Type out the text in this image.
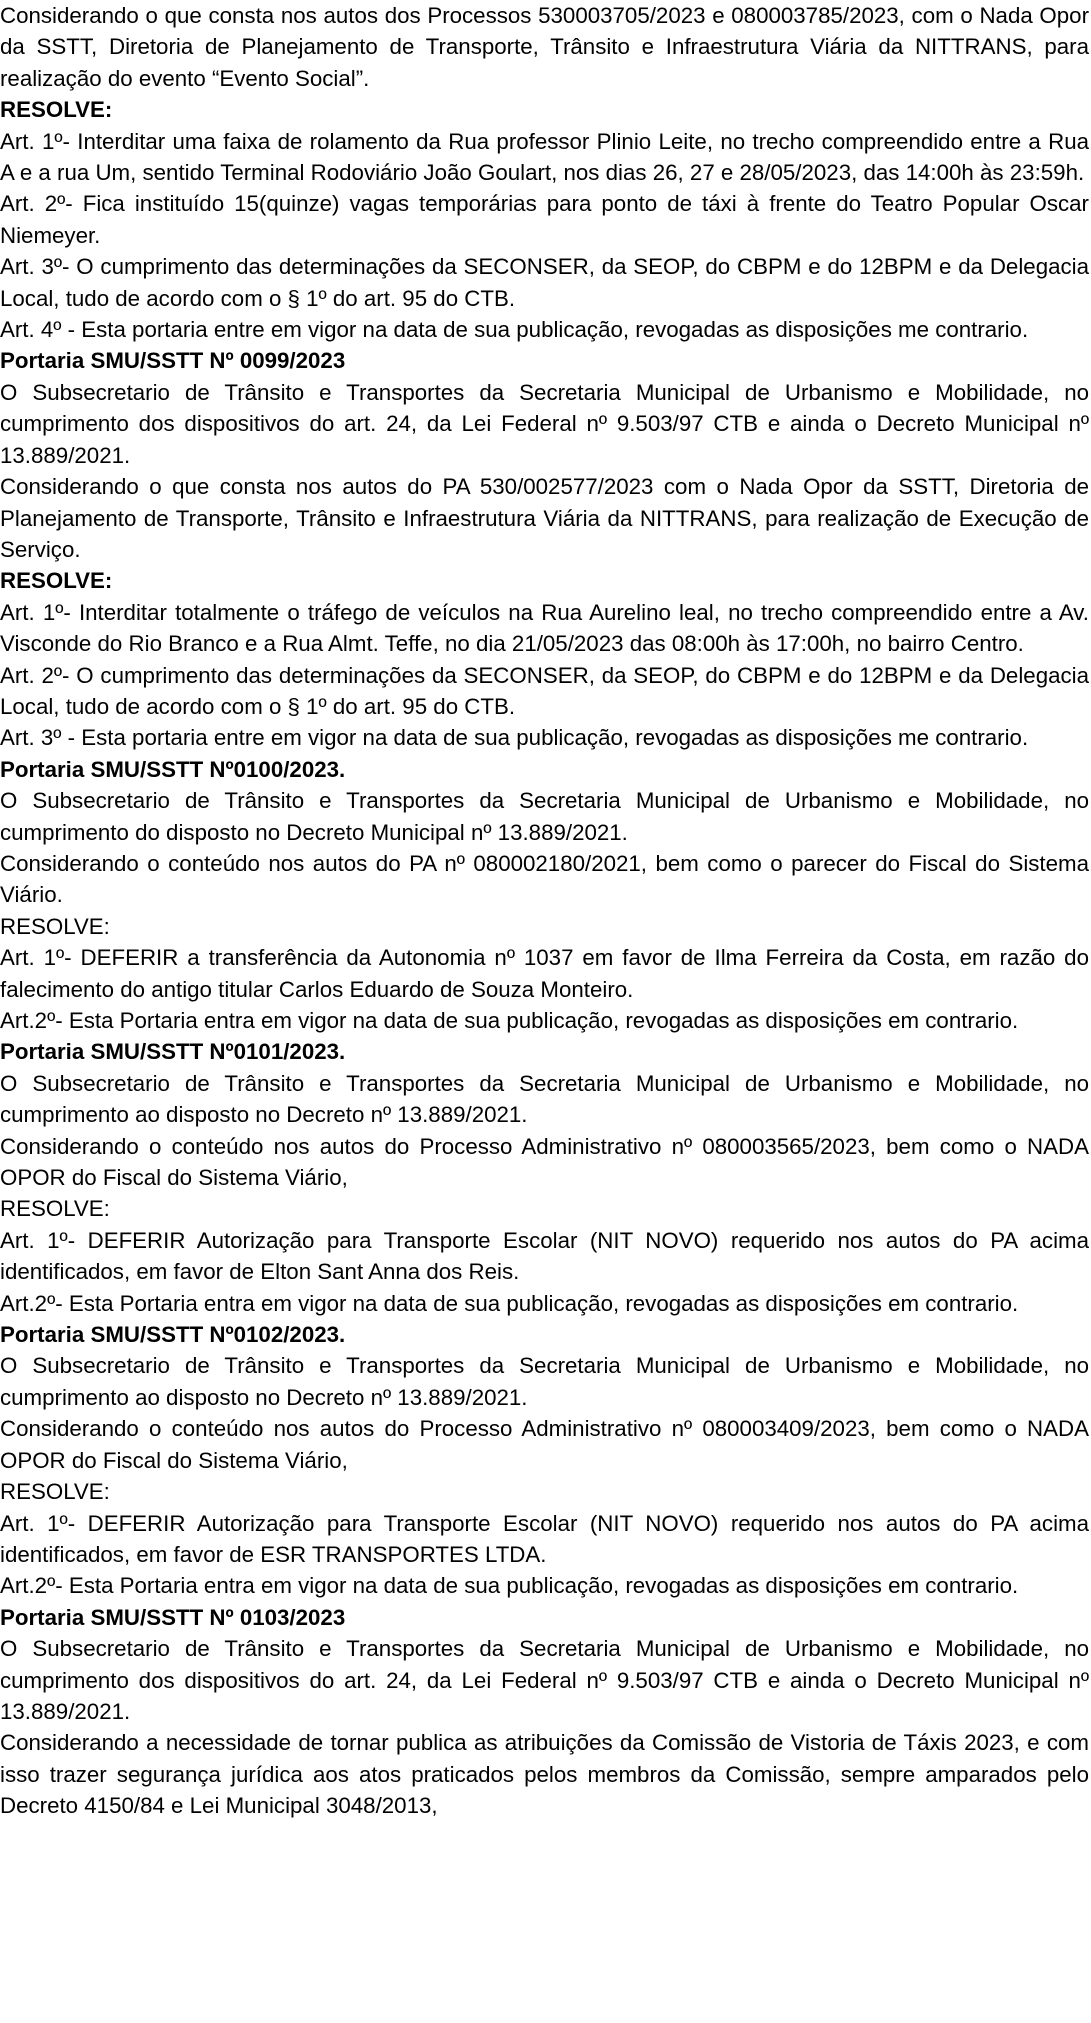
Considerando o que consta nos autos dos Processos 530003705/2023 e 080003785/2023, com o Nada Opor da SSTT, Diretoria de Planejamento de Transporte, Trânsito e Infraestrutura Viária da NITTRANS, para realização do evento “Evento Social”.

RESOLVE:

Art. 1º- Interditar uma faixa de rolamento da Rua professor Plinio Leite, no trecho compreendido entre a Rua A e a rua Um, sentido Terminal Rodoviário João Goulart, nos dias 26, 27 e 28/05/2023, das 14:00h às 23:59h.

Art. 2º- Fica instituído 15(quinze) vagas temporárias para ponto de táxi à frente do Teatro Popular Oscar Niemeyer.

Art. 3º- O cumprimento das determinações da SECONSER, da SEOP, do CBPM e do 12BPM e da Delegacia Local, tudo de acordo com o § 1º do art. 95 do CTB.

Art. 4º - Esta portaria entre em vigor na data de sua publicação, revogadas as disposições me contrario.

Portaria SMU/SSTT Nº 0099/2023

O Subsecretario de Trânsito e Transportes da Secretaria Municipal de Urbanismo e Mobilidade, no cumprimento dos dispositivos do art. 24, da Lei Federal nº 9.503/97 CTB e ainda o Decreto Municipal nº 13.889/2021.

Considerando o que consta nos autos do PA 530/002577/2023 com o Nada Opor da SSTT, Diretoria de Planejamento de Transporte, Trânsito e Infraestrutura Viária da NITTRANS, para realização de Execução de Serviço.

RESOLVE:

Art. 1º- Interditar totalmente o tráfego de veículos na Rua Aurelino leal, no trecho compreendido entre a Av. Visconde do Rio Branco e a Rua Almt. Teffe, no dia 21/05/2023 das 08:00h às 17:00h, no bairro Centro.

Art. 2º- O cumprimento das determinações da SECONSER, da SEOP, do CBPM e do 12BPM e da Delegacia Local, tudo de acordo com o § 1º do art. 95 do CTB.

Art. 3º - Esta portaria entre em vigor na data de sua publicação, revogadas as disposições me contrario.

Portaria SMU/SSTT Nº0100/2023.

O Subsecretario de Trânsito e Transportes da Secretaria Municipal de Urbanismo e Mobilidade, no cumprimento do disposto no Decreto Municipal nº 13.889/2021.

Considerando o conteúdo nos autos do PA nº 080002180/2021, bem como o parecer do Fiscal do Sistema Viário.

RESOLVE:

Art. 1º- DEFERIR a transferência da Autonomia nº 1037 em favor de Ilma Ferreira da Costa, em razão do falecimento do antigo titular Carlos Eduardo de Souza Monteiro.

Art.2º- Esta Portaria entra em vigor na data de sua publicação, revogadas as disposições em contrario.

Portaria SMU/SSTT Nº0101/2023.

O Subsecretario de Trânsito e Transportes da Secretaria Municipal de Urbanismo e Mobilidade, no cumprimento ao disposto no Decreto nº 13.889/2021.

Considerando o conteúdo nos autos do Processo Administrativo nº 080003565/2023, bem como o NADA OPOR do Fiscal do Sistema Viário,

RESOLVE:

Art. 1º- DEFERIR Autorização para Transporte Escolar (NIT NOVO) requerido nos autos do PA acima identificados, em favor de Elton Sant Anna dos Reis.

Art.2º- Esta Portaria entra em vigor na data de sua publicação, revogadas as disposições em contrario.

Portaria SMU/SSTT Nº0102/2023.

O Subsecretario de Trânsito e Transportes da Secretaria Municipal de Urbanismo e Mobilidade, no cumprimento ao disposto no Decreto nº 13.889/2021.

Considerando o conteúdo nos autos do Processo Administrativo nº 080003409/2023, bem como o NADA OPOR do Fiscal do Sistema Viário,

RESOLVE:

Art. 1º- DEFERIR Autorização para Transporte Escolar (NIT NOVO) requerido nos autos do PA acima identificados, em favor de ESR TRANSPORTES LTDA.

Art.2º- Esta Portaria entra em vigor na data de sua publicação, revogadas as disposições em contrario.

Portaria SMU/SSTT Nº 0103/2023

O Subsecretario de Trânsito e Transportes da Secretaria Municipal de Urbanismo e Mobilidade, no cumprimento dos dispositivos do art. 24, da Lei Federal nº 9.503/97 CTB e ainda o Decreto Municipal nº 13.889/2021.

Considerando a necessidade de tornar publica as atribuições da Comissão de Vistoria de Táxis 2023, e com isso trazer segurança jurídica aos atos praticados pelos membros da Comissão, sempre amparados pelo Decreto 4150/84 e Lei Municipal 3048/2013,
